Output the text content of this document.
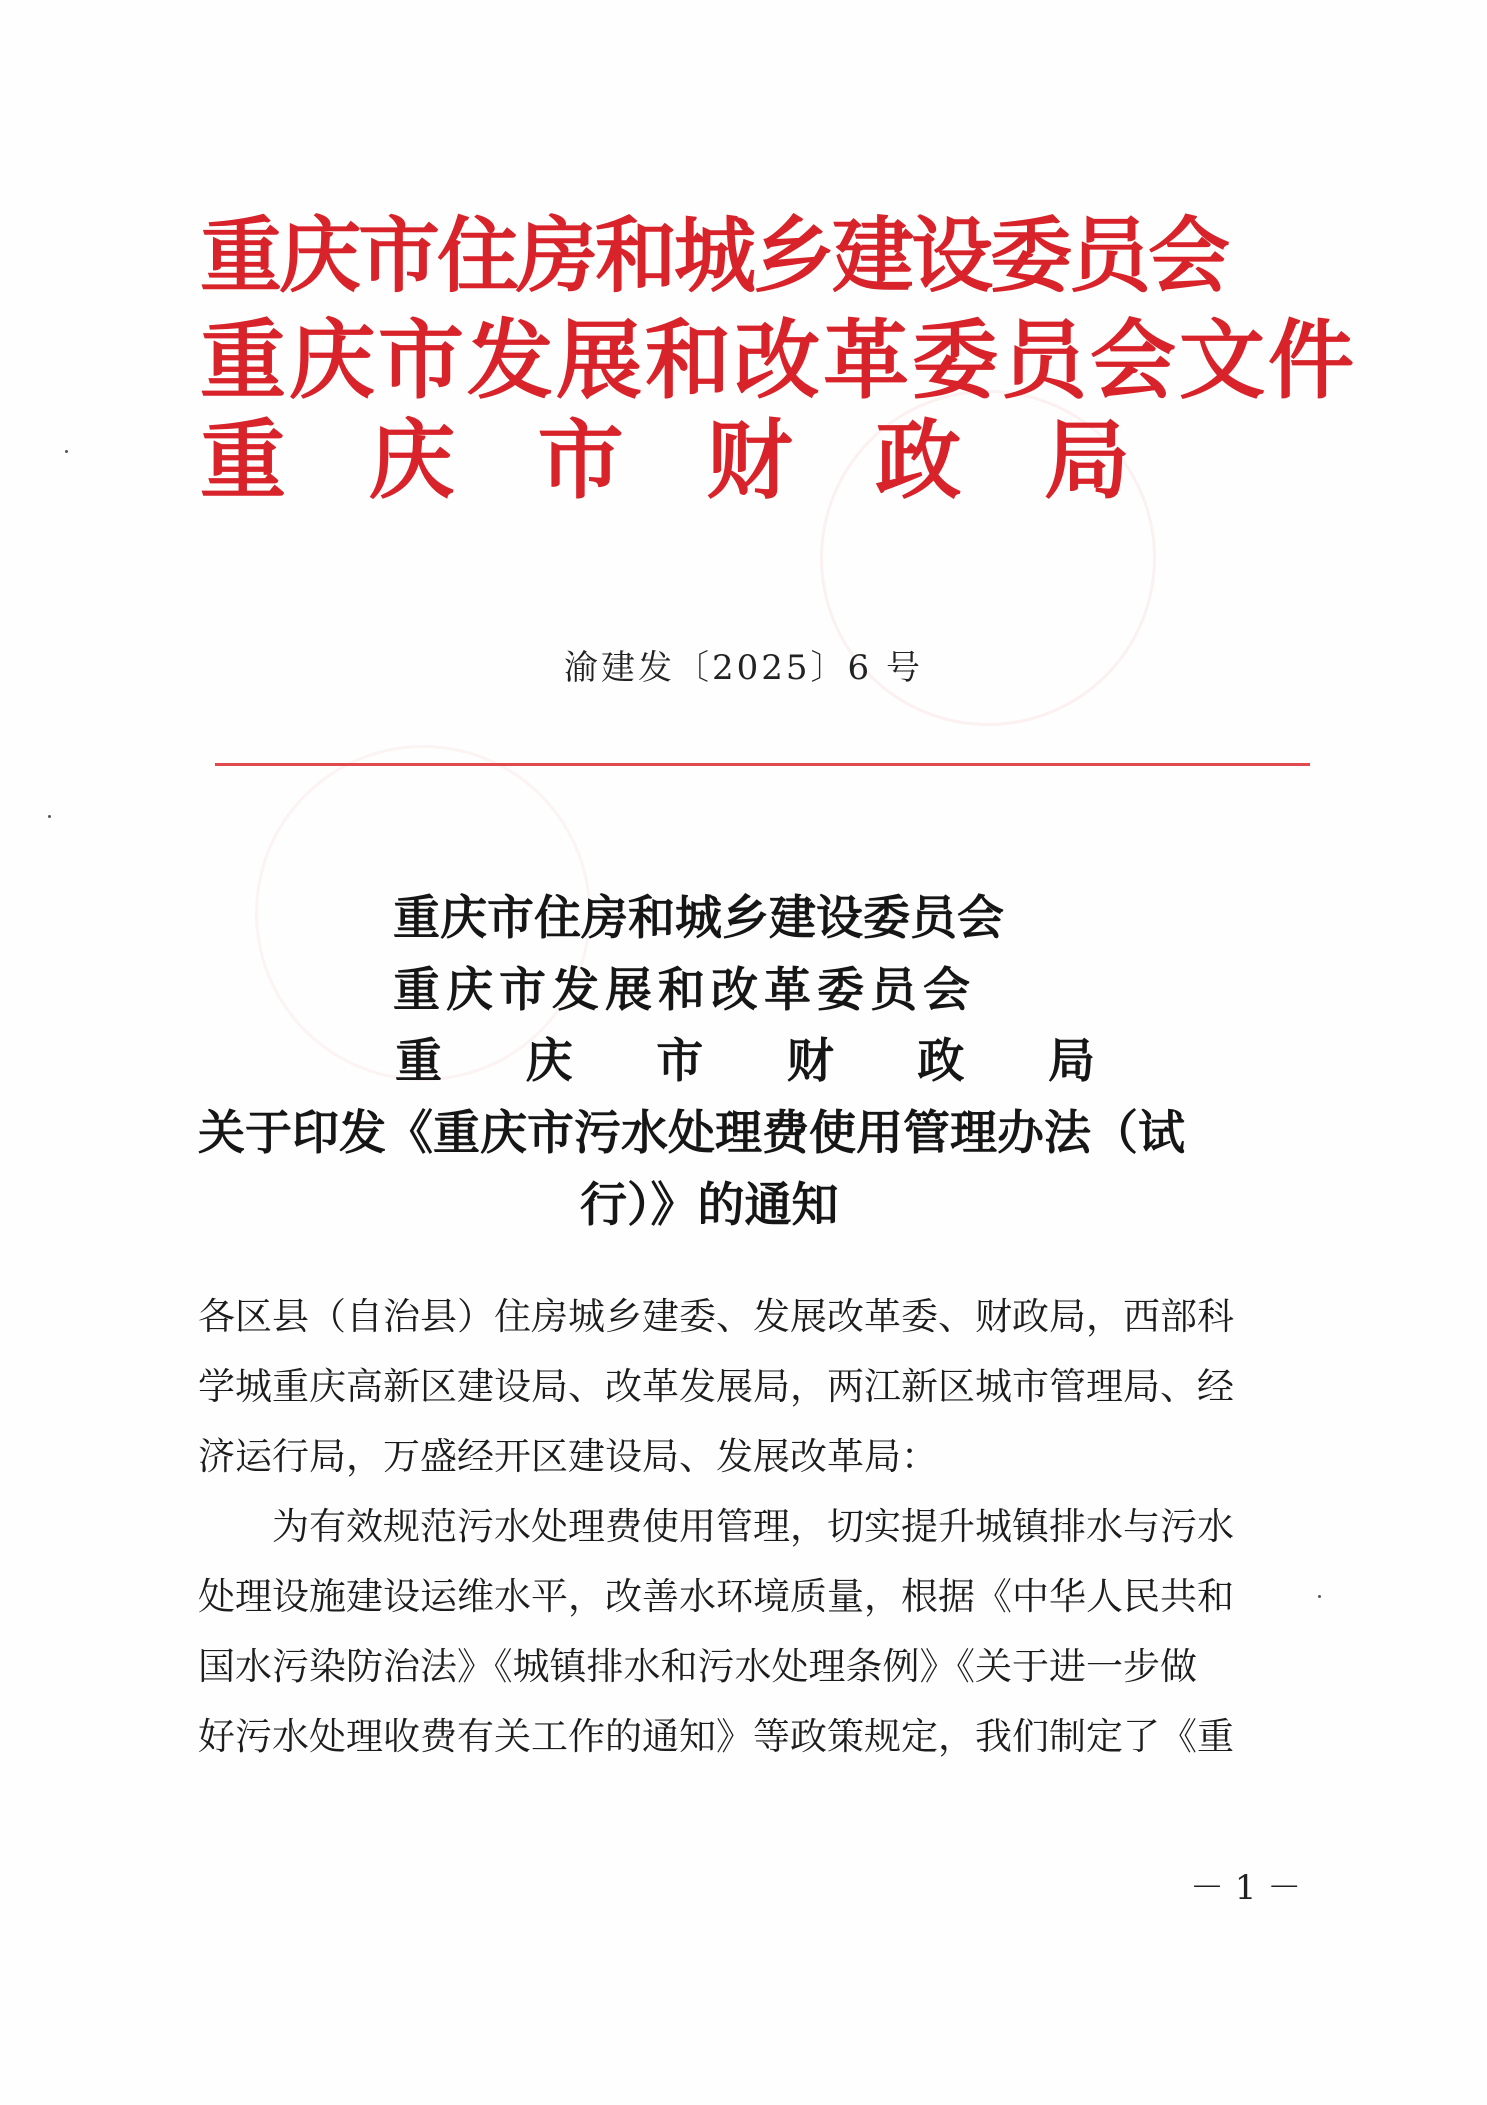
重庆市住房和城乡建设委员会
重庆市发展和改革委员会文件
重 庆 市 财 政 局
渝建发〔2025〕6 号
重庆市住房和城乡建设委员会
重庆市发展和改革委员会
重 庆 市 财 政 局
关于印发《重庆市污水处理费使用管理办法（试
行）》的通知
各区县（自治县）住房城乡建委、发展改革委、财政局，西部科
学城重庆高新区建设局、改革发展局，两江新区城市管理局、经
济运行局，万盛经开区建设局、发展改革局：
　　为有效规范污水处理费使用管理，切实提升城镇排水与污水
处理设施建设运维水平，改善水环境质量，根据《中华人民共和
国水污染防治法》《城镇排水和污水处理条例》《关于进一步做
好污水处理收费有关工作的通知》等政策规定，我们制定了《重
－ 1 －
